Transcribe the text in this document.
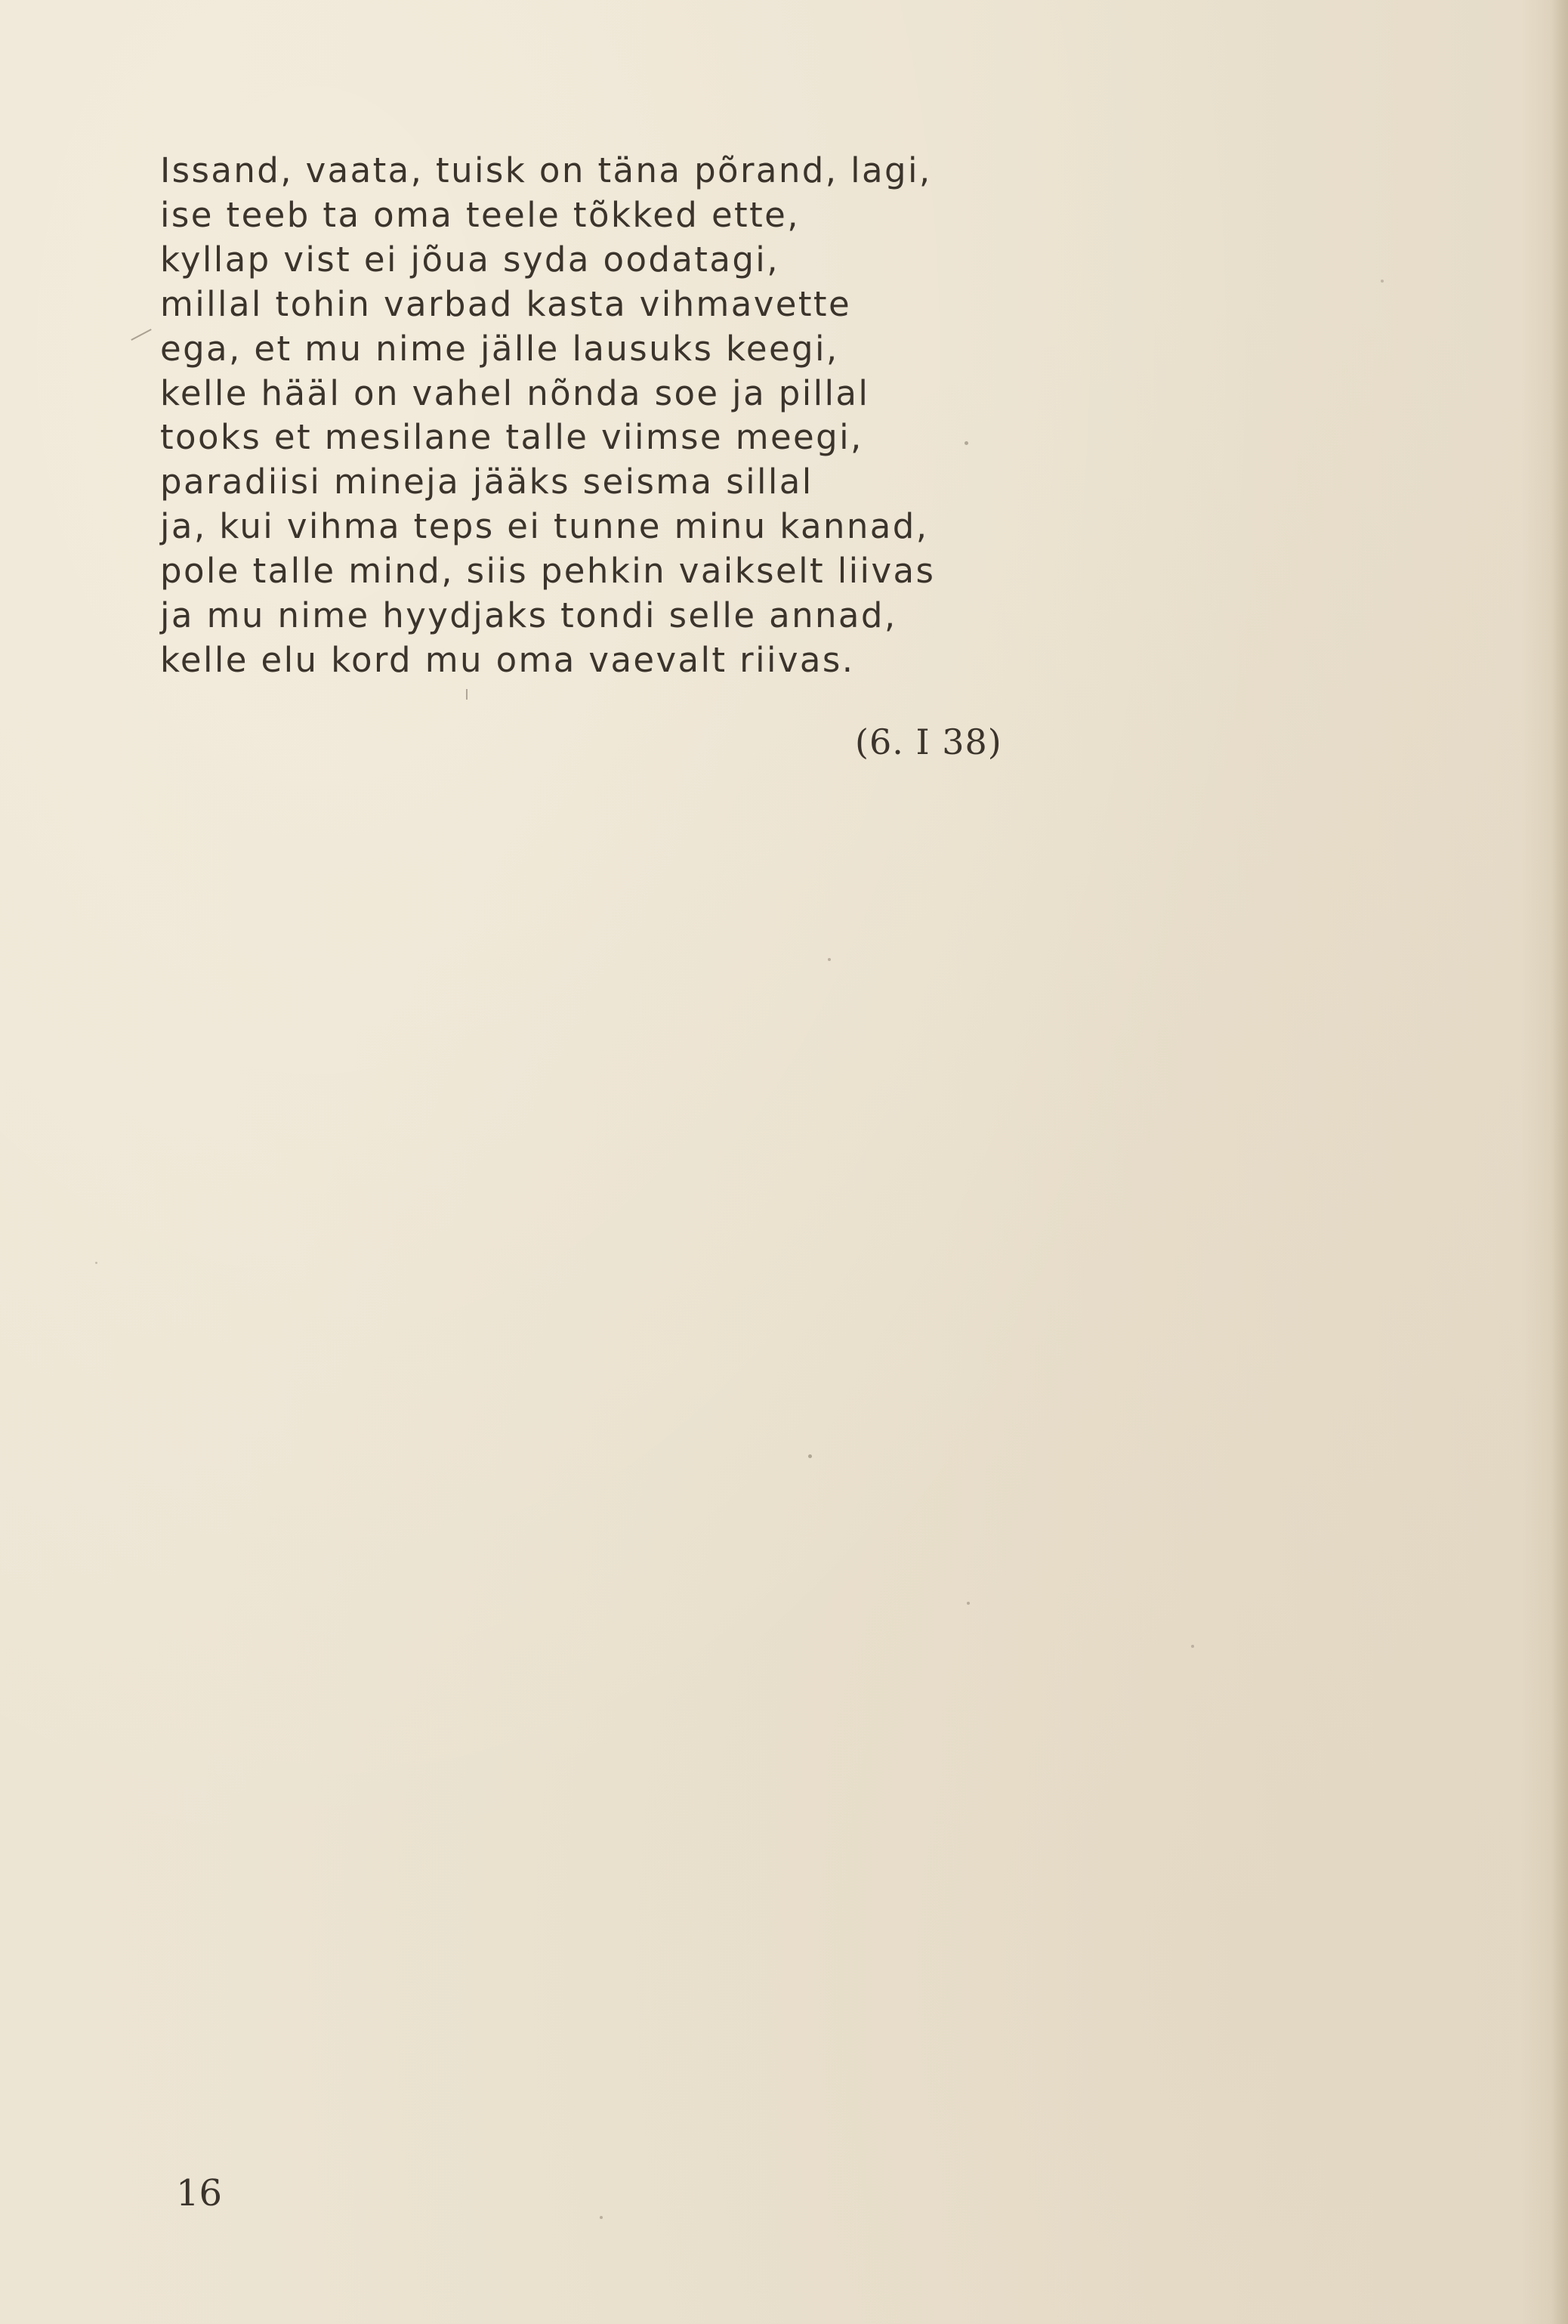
Issand, vaata, tuisk on täna põrand, lagi,
ise teeb ta oma teele tõkked ette,
kyllap vist ei jõua syda oodatagi,
millal tohin varbad kasta vihmavette
ega, et mu nime jälle lausuks keegi,
kelle hääl on vahel nõnda soe ja pillal
tooks et mesilane talle viimse meegi,
paradiisi mineja jääks seisma sillal
ja, kui vihma teps ei tunne minu kannad,
pole talle mind, siis pehkin vaikselt liivas
ja mu nime hyydjaks tondi selle annad,
kelle elu kord mu oma vaevalt riivas.
(6. I 38)
16
